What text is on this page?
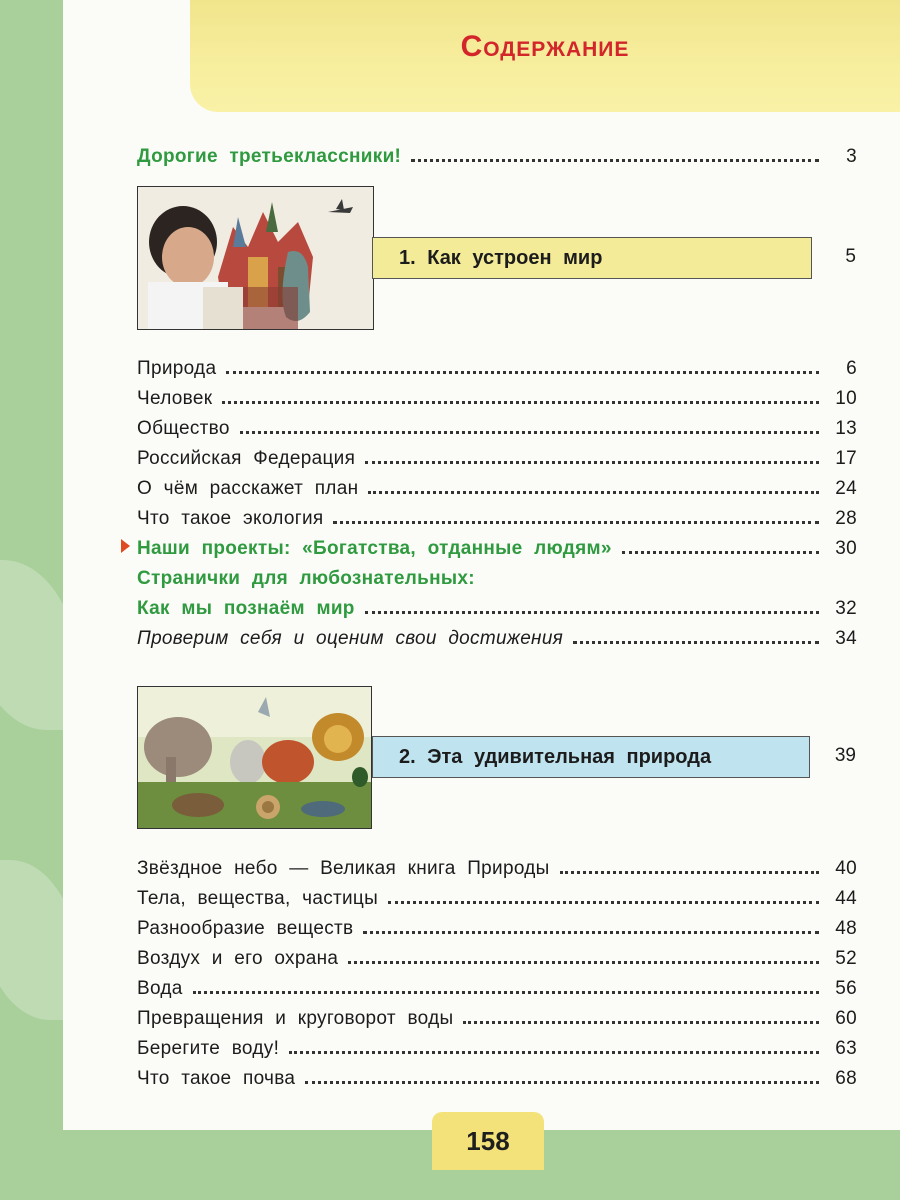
Содержание
Дорогие третьеклассники!	3
1. Как устроен мир	5
Природа	6
Человек	10
Общество	13
Российская Федерация	17
О чём расскажет план	24
Что такое экология	28
Наши проекты: «Богатства, отданные людям»	30
Странички для любознательных:
Как мы познаём мир	32
Проверим себя и оценим свои достижения	34
2. Эта удивительная природа	39
Звёздное небо — Великая книга Природы	40
Тела, вещества, частицы	44
Разнообразие веществ	48
Воздух и его охрана	52
Вода	56
Превращения и круговорот воды	60
Берегите воду!	63
Что такое почва	68
158
